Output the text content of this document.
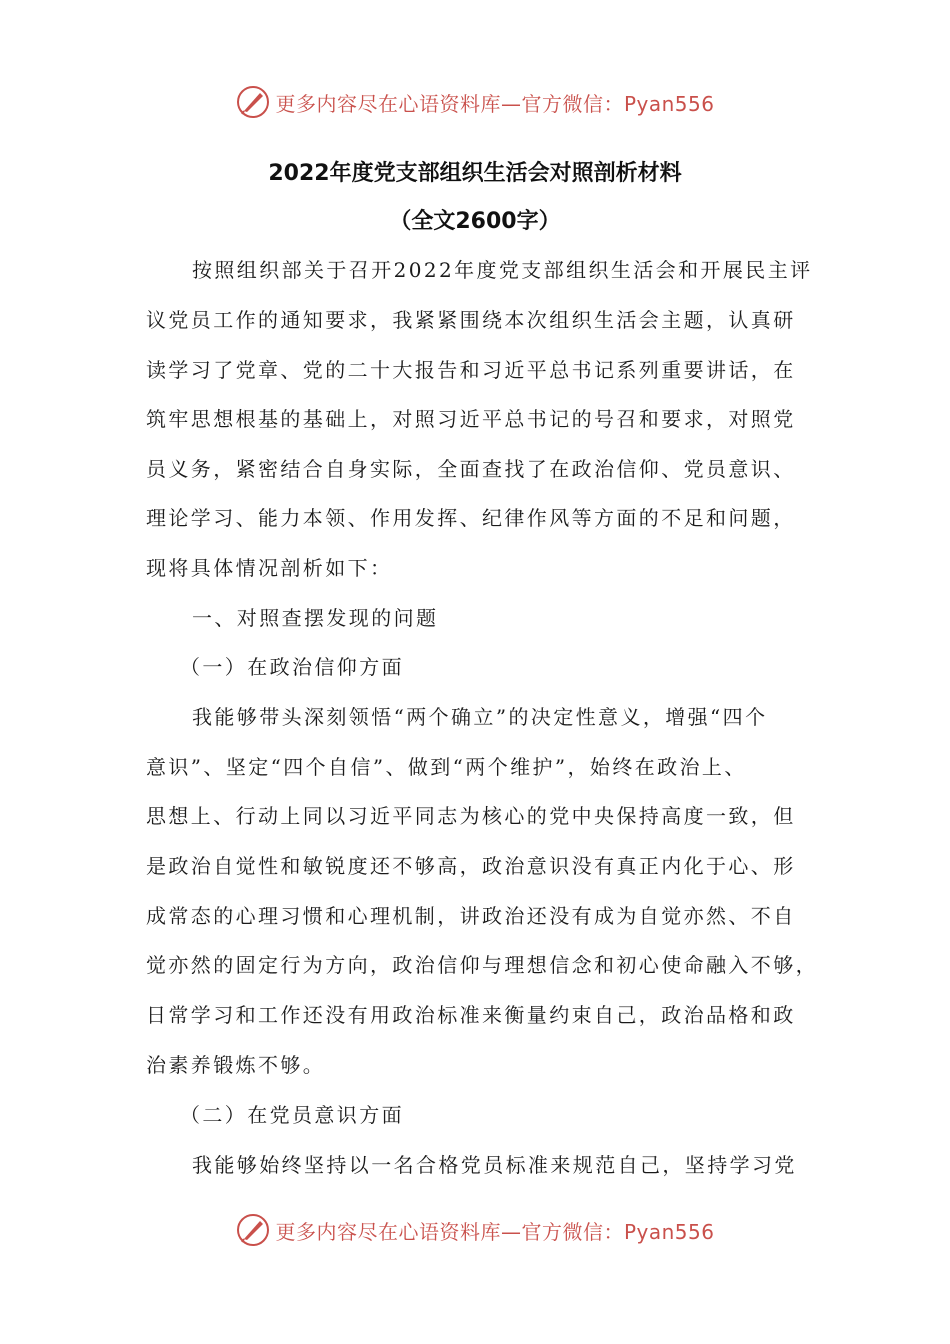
更多内容尽在心语资料库—官方微信：Pyan556
2022年度党支部组织生活会对照剖析材料
（全文2600字）
按照组织部关于召开2022年度党支部组织生活会和开展民主评
议党员工作的通知要求，我紧紧围绕本次组织生活会主题，认真研
读学习了党章、党的二十大报告和习近平总书记系列重要讲话，在
筑牢思想根基的基础上，对照习近平总书记的号召和要求，对照党
员义务，紧密结合自身实际，全面查找了在政治信仰、党员意识、
理论学习、能力本领、作用发挥、纪律作风等方面的不足和问题，
现将具体情况剖析如下：
一、对照查摆发现的问题
（一）在政治信仰方面
我能够带头深刻领悟“两个确立”的决定性意义，增强“四个
意识”、坚定“四个自信”、做到“两个维护”，始终在政治上、
思想上、行动上同以习近平同志为核心的党中央保持高度一致，但
是政治自觉性和敏锐度还不够高，政治意识没有真正内化于心、形
成常态的心理习惯和心理机制，讲政治还没有成为自觉亦然、不自
觉亦然的固定行为方向，政治信仰与理想信念和初心使命融入不够，
日常学习和工作还没有用政治标准来衡量约束自己，政治品格和政
治素养锻炼不够。
（二）在党员意识方面
我能够始终坚持以一名合格党员标准来规范自己，坚持学习党
更多内容尽在心语资料库—官方微信：Pyan556
